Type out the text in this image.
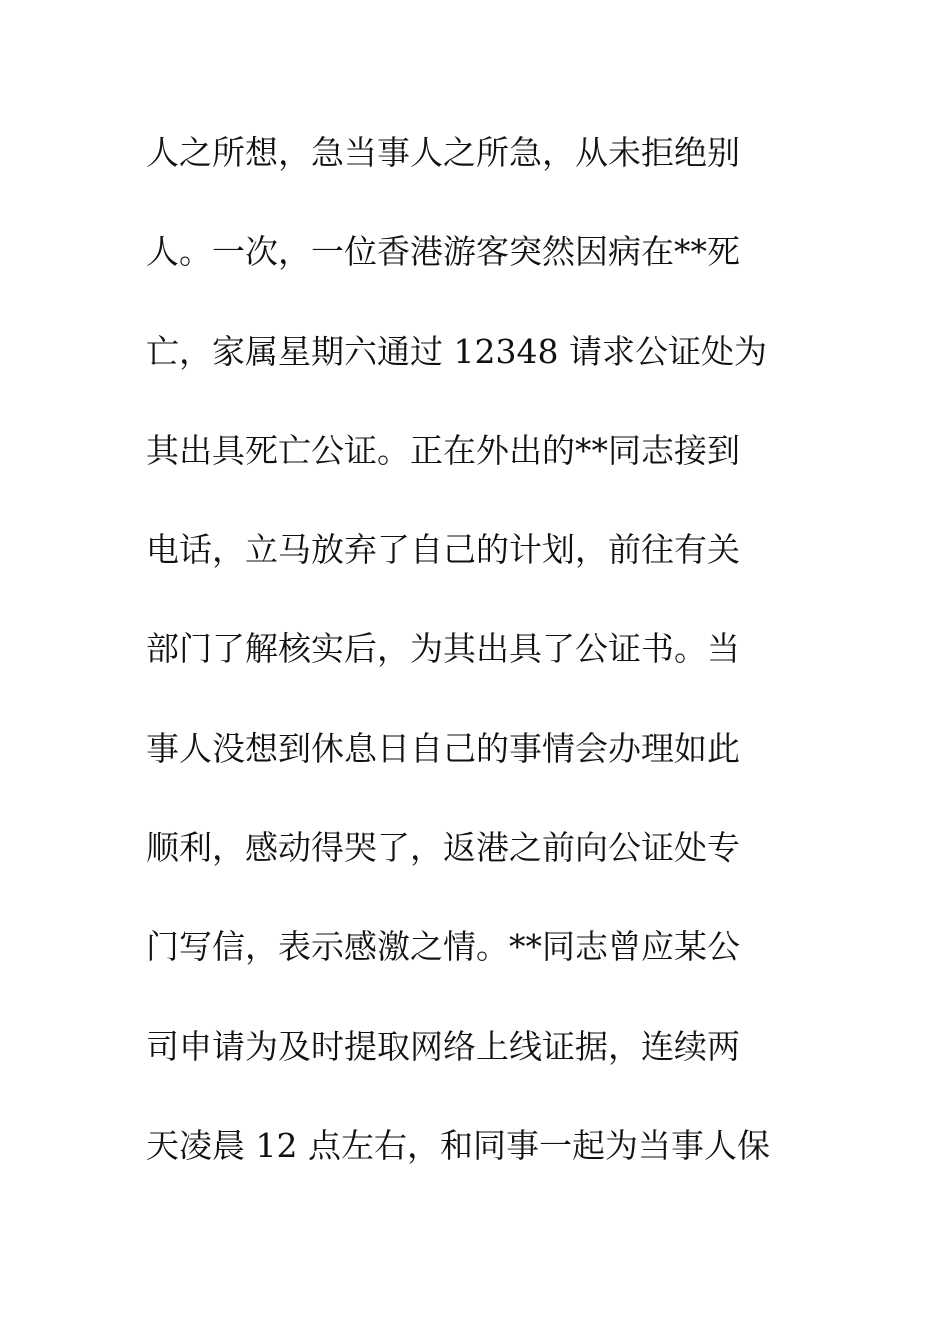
人之所想，急当事人之所急，从未拒绝别
人。一次，一位香港游客突然因病在**死
亡，家属星期六通过 12348 请求公证处为
其出具死亡公证。正在外出的**同志接到
电话，立马放弃了自己的计划，前往有关
部门了解核实后，为其出具了公证书。当
事人没想到休息日自己的事情会办理如此
顺利，感动得哭了，返港之前向公证处专
门写信，表示感激之情。**同志曾应某公
司申请为及时提取网络上线证据，连续两
天凌晨 12 点左右，和同事一起为当事人保
